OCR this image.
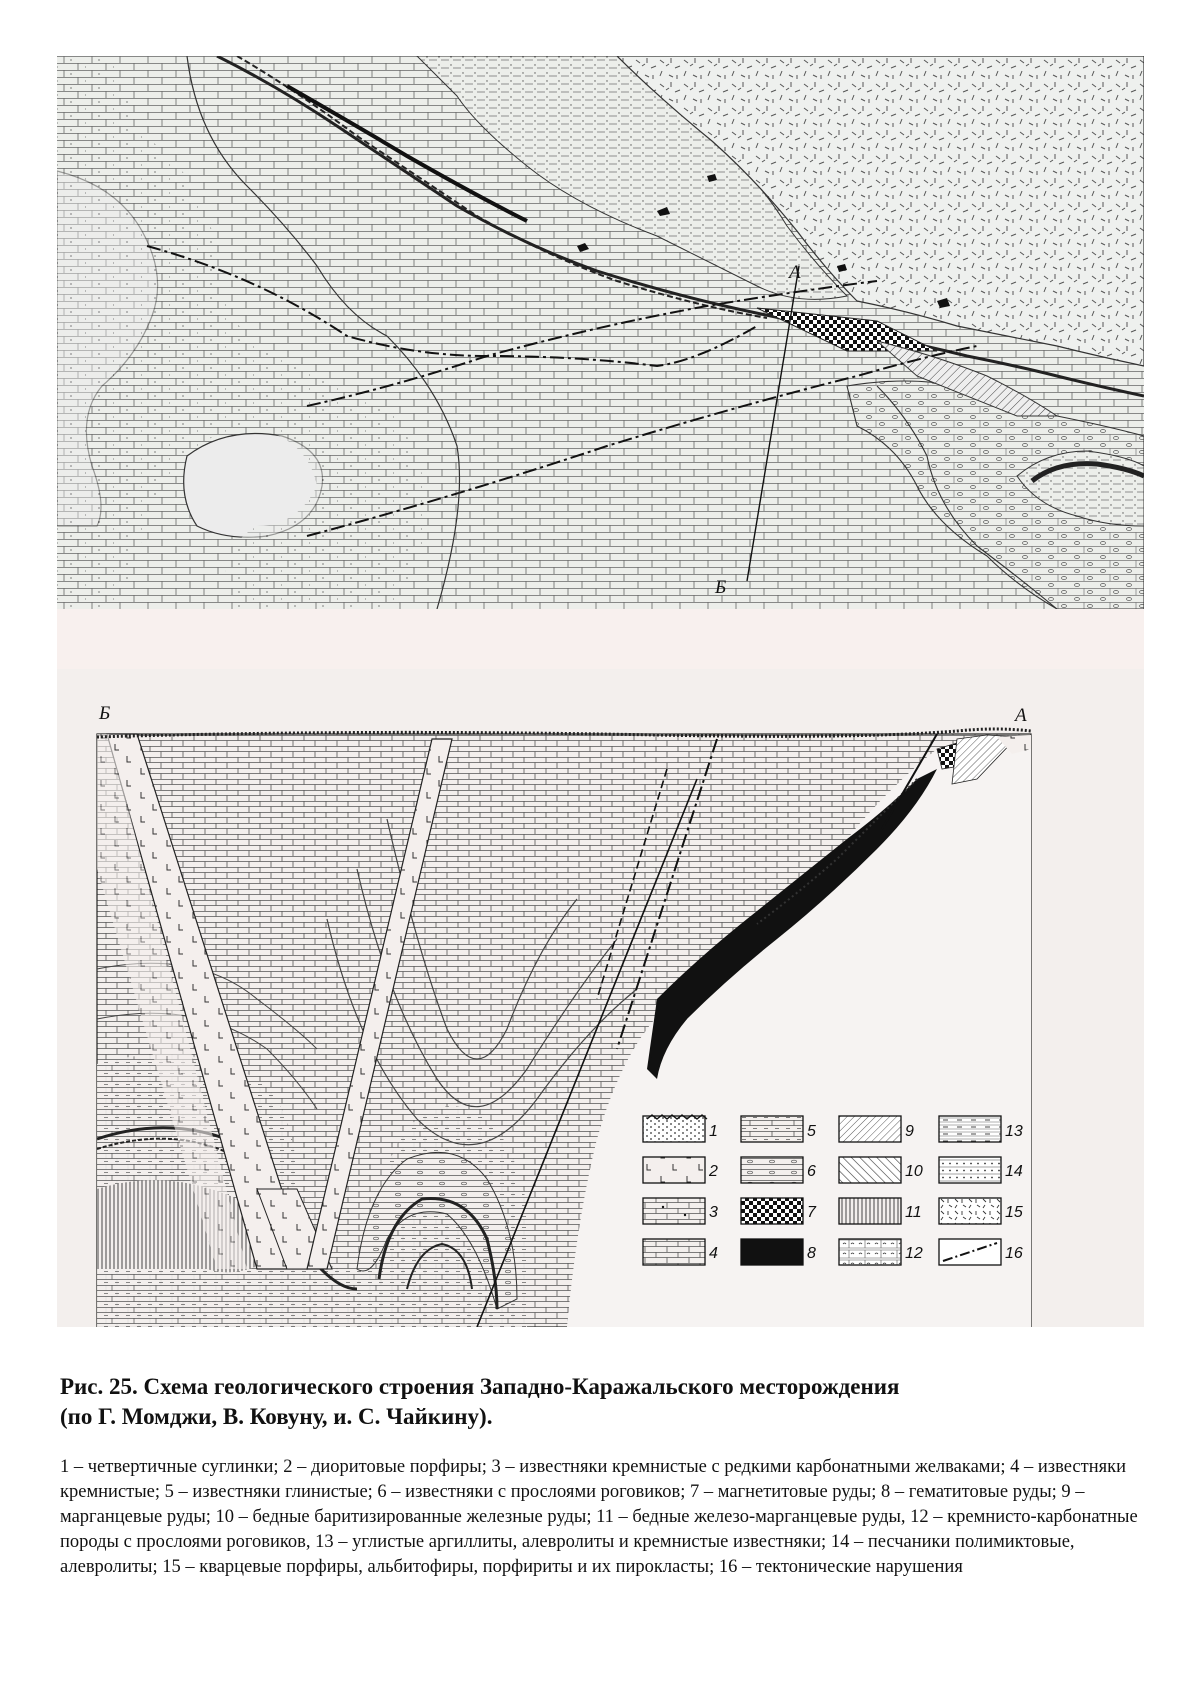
A
Б
Б	А
1
2
3
4
5
6
7
8
9
10
11
12
13
14
15
16

Рис. 25. Схема геологического строения Западно-Каражальского месторождения
(по Г. Момджи, В. Ковуну, и. С. Чайкину).

1 – четвертичные суглинки; 2 – диоритовые порфиры; 3 – известняки кремнистые с редкими карбонатными желваками; 4 – известняки кремнистые; 5 – известняки глинистые; 6 – известняки с прослоями роговиков; 7 – магнетитовые руды; 8 – гематитовые руды; 9 – марганцевые руды; 10 – бедные баритизированные железные руды; 11 – бедные железо-марганцевые руды, 12 – кремнисто-карбонатные породы с прослоями роговиков, 13 – углистые аргиллиты, алевролиты и кремнистые известняки; 14 – песчаники полимиктовые, алевролиты; 15 – кварцевые порфиры, альбитофиры, порфириты и их пирокласты; 16 – тектонические нарушения
